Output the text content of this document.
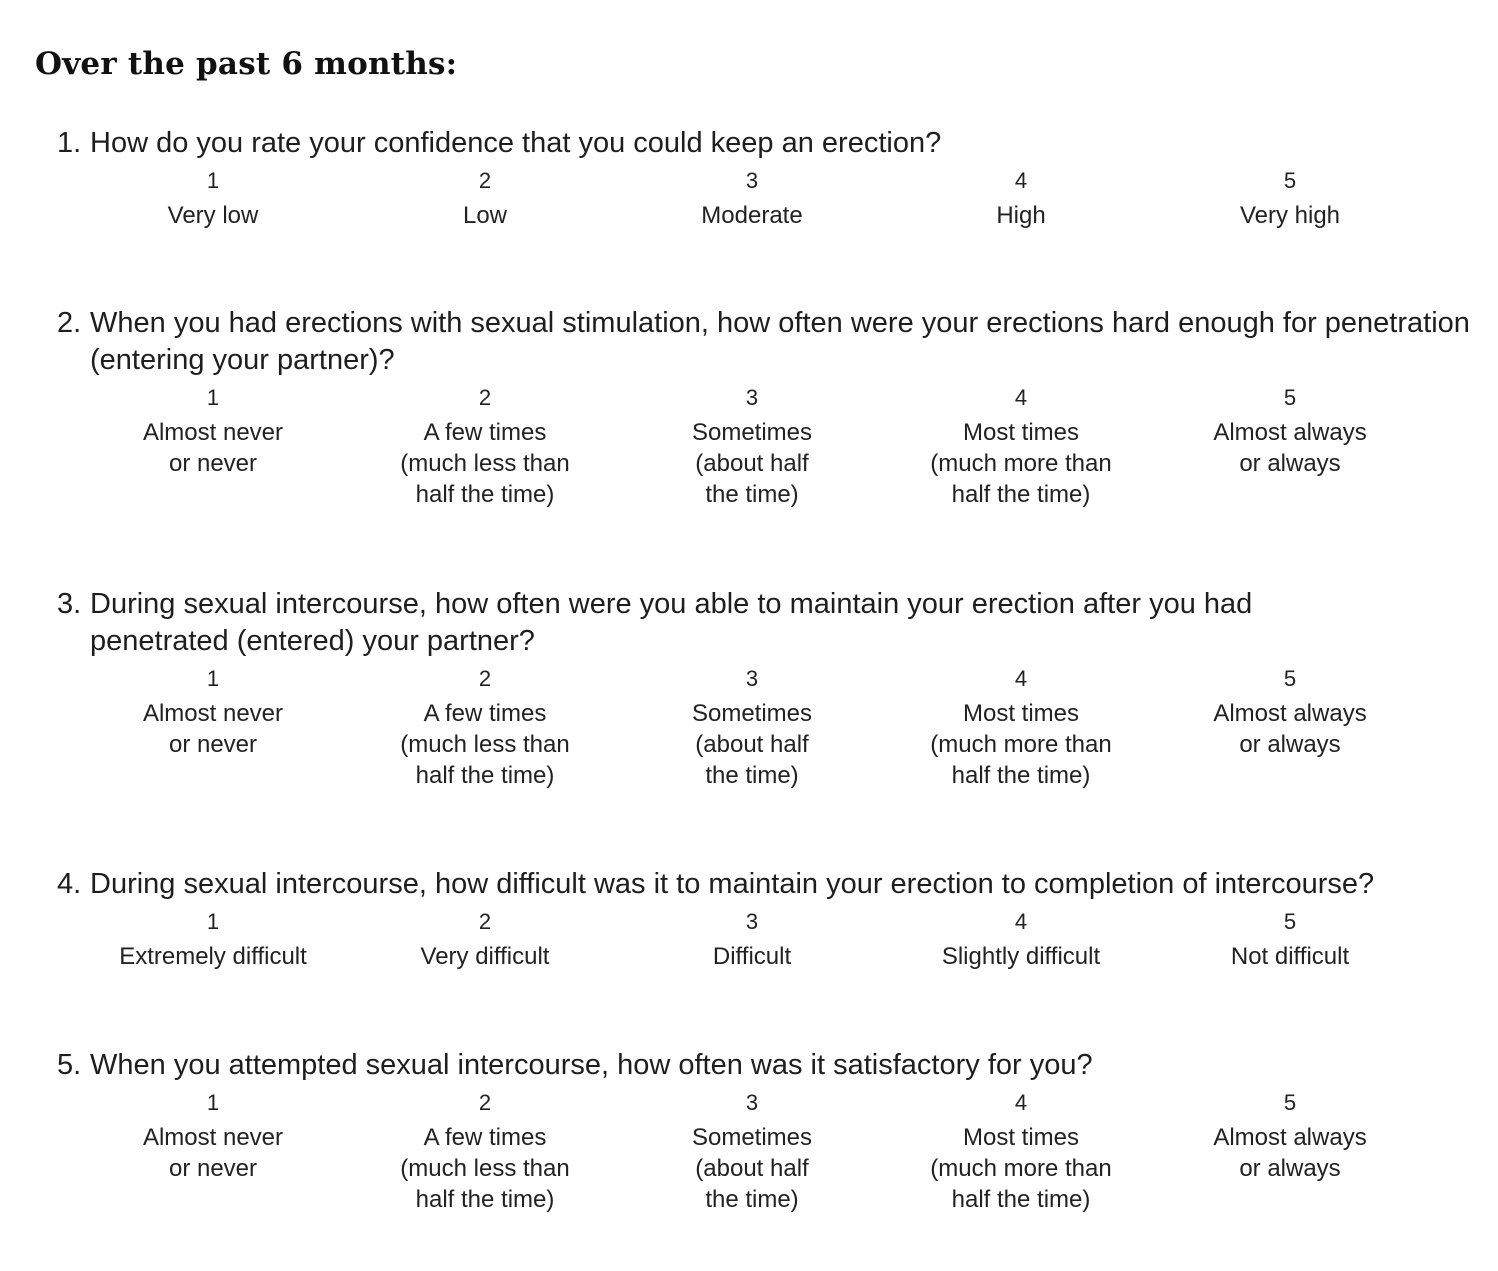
Over the past 6 months:
1. How do you rate your confidence that you could keep an erection?
1
Very low
2
Low
3
Moderate
4
High
5
Very high
2. When you had erections with sexual stimulation, how often were your erections hard enough for penetration (entering your partner)?
1
Almost never
or never
2
A few times
(much less than
half the time)
3
Sometimes
(about half
the time)
4
Most times
(much more than
half the time)
5
Almost always
or always
3. During sexual intercourse, how often were you able to maintain your erection after you had penetrated (entered) your partner?
1
Almost never
or never
2
A few times
(much less than
half the time)
3
Sometimes
(about half
the time)
4
Most times
(much more than
half the time)
5
Almost always
or always
4. During sexual intercourse, how difficult was it to maintain your erection to completion of intercourse?
1
Extremely difficult
2
Very difficult
3
Difficult
4
Slightly difficult
5
Not difficult
5. When you attempted sexual intercourse, how often was it satisfactory for you?
1
Almost never
or never
2
A few times
(much less than
half the time)
3
Sometimes
(about half
the time)
4
Most times
(much more than
half the time)
5
Almost always
or always
